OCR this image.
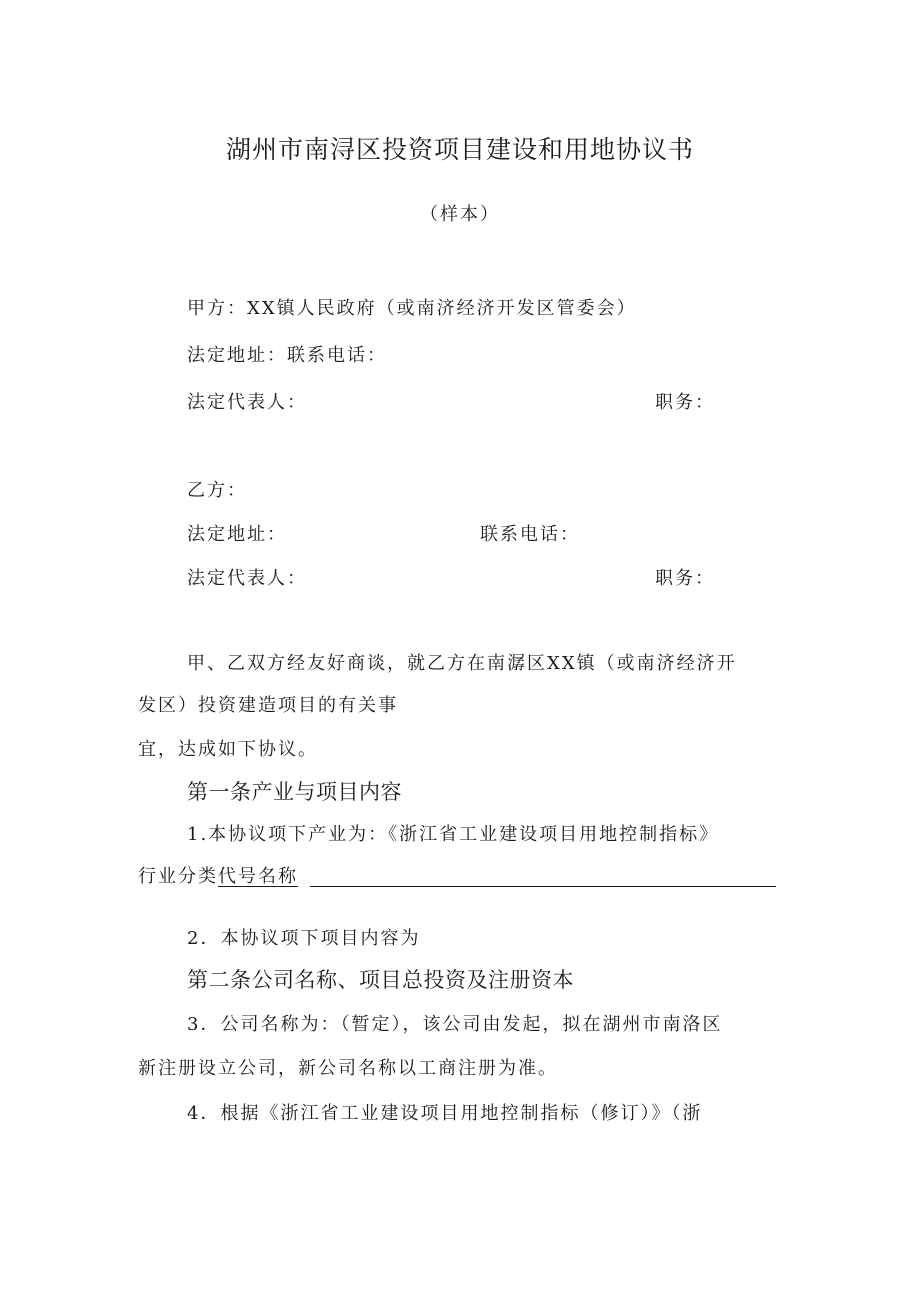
湖州市南浔区投资项目建设和用地协议书
（样本）
甲方：XX镇人民政府（或南济经济开发区管委会）
法定地址：联系电话：
法定代表人：	职务：
乙方：
法定地址：	联系电话：
法定代表人：	职务：
甲、乙双方经友好商谈，就乙方在南潺区XX镇（或南济经济开
发区）投资建造项目的有关事
宜，达成如下协议。
第一条产业与项目内容
1.本协议项下产业为：《浙江省工业建设项目用地控制指标》
行业分类代号名称
2．本协议项下项目内容为
第二条公司名称、项目总投资及注册资本
3．公司名称为：（暂定），该公司由发起，拟在湖州市南洛区
新注册设立公司，新公司名称以工商注册为准。
4．根据《浙江省工业建设项目用地控制指标（修订）》（浙
